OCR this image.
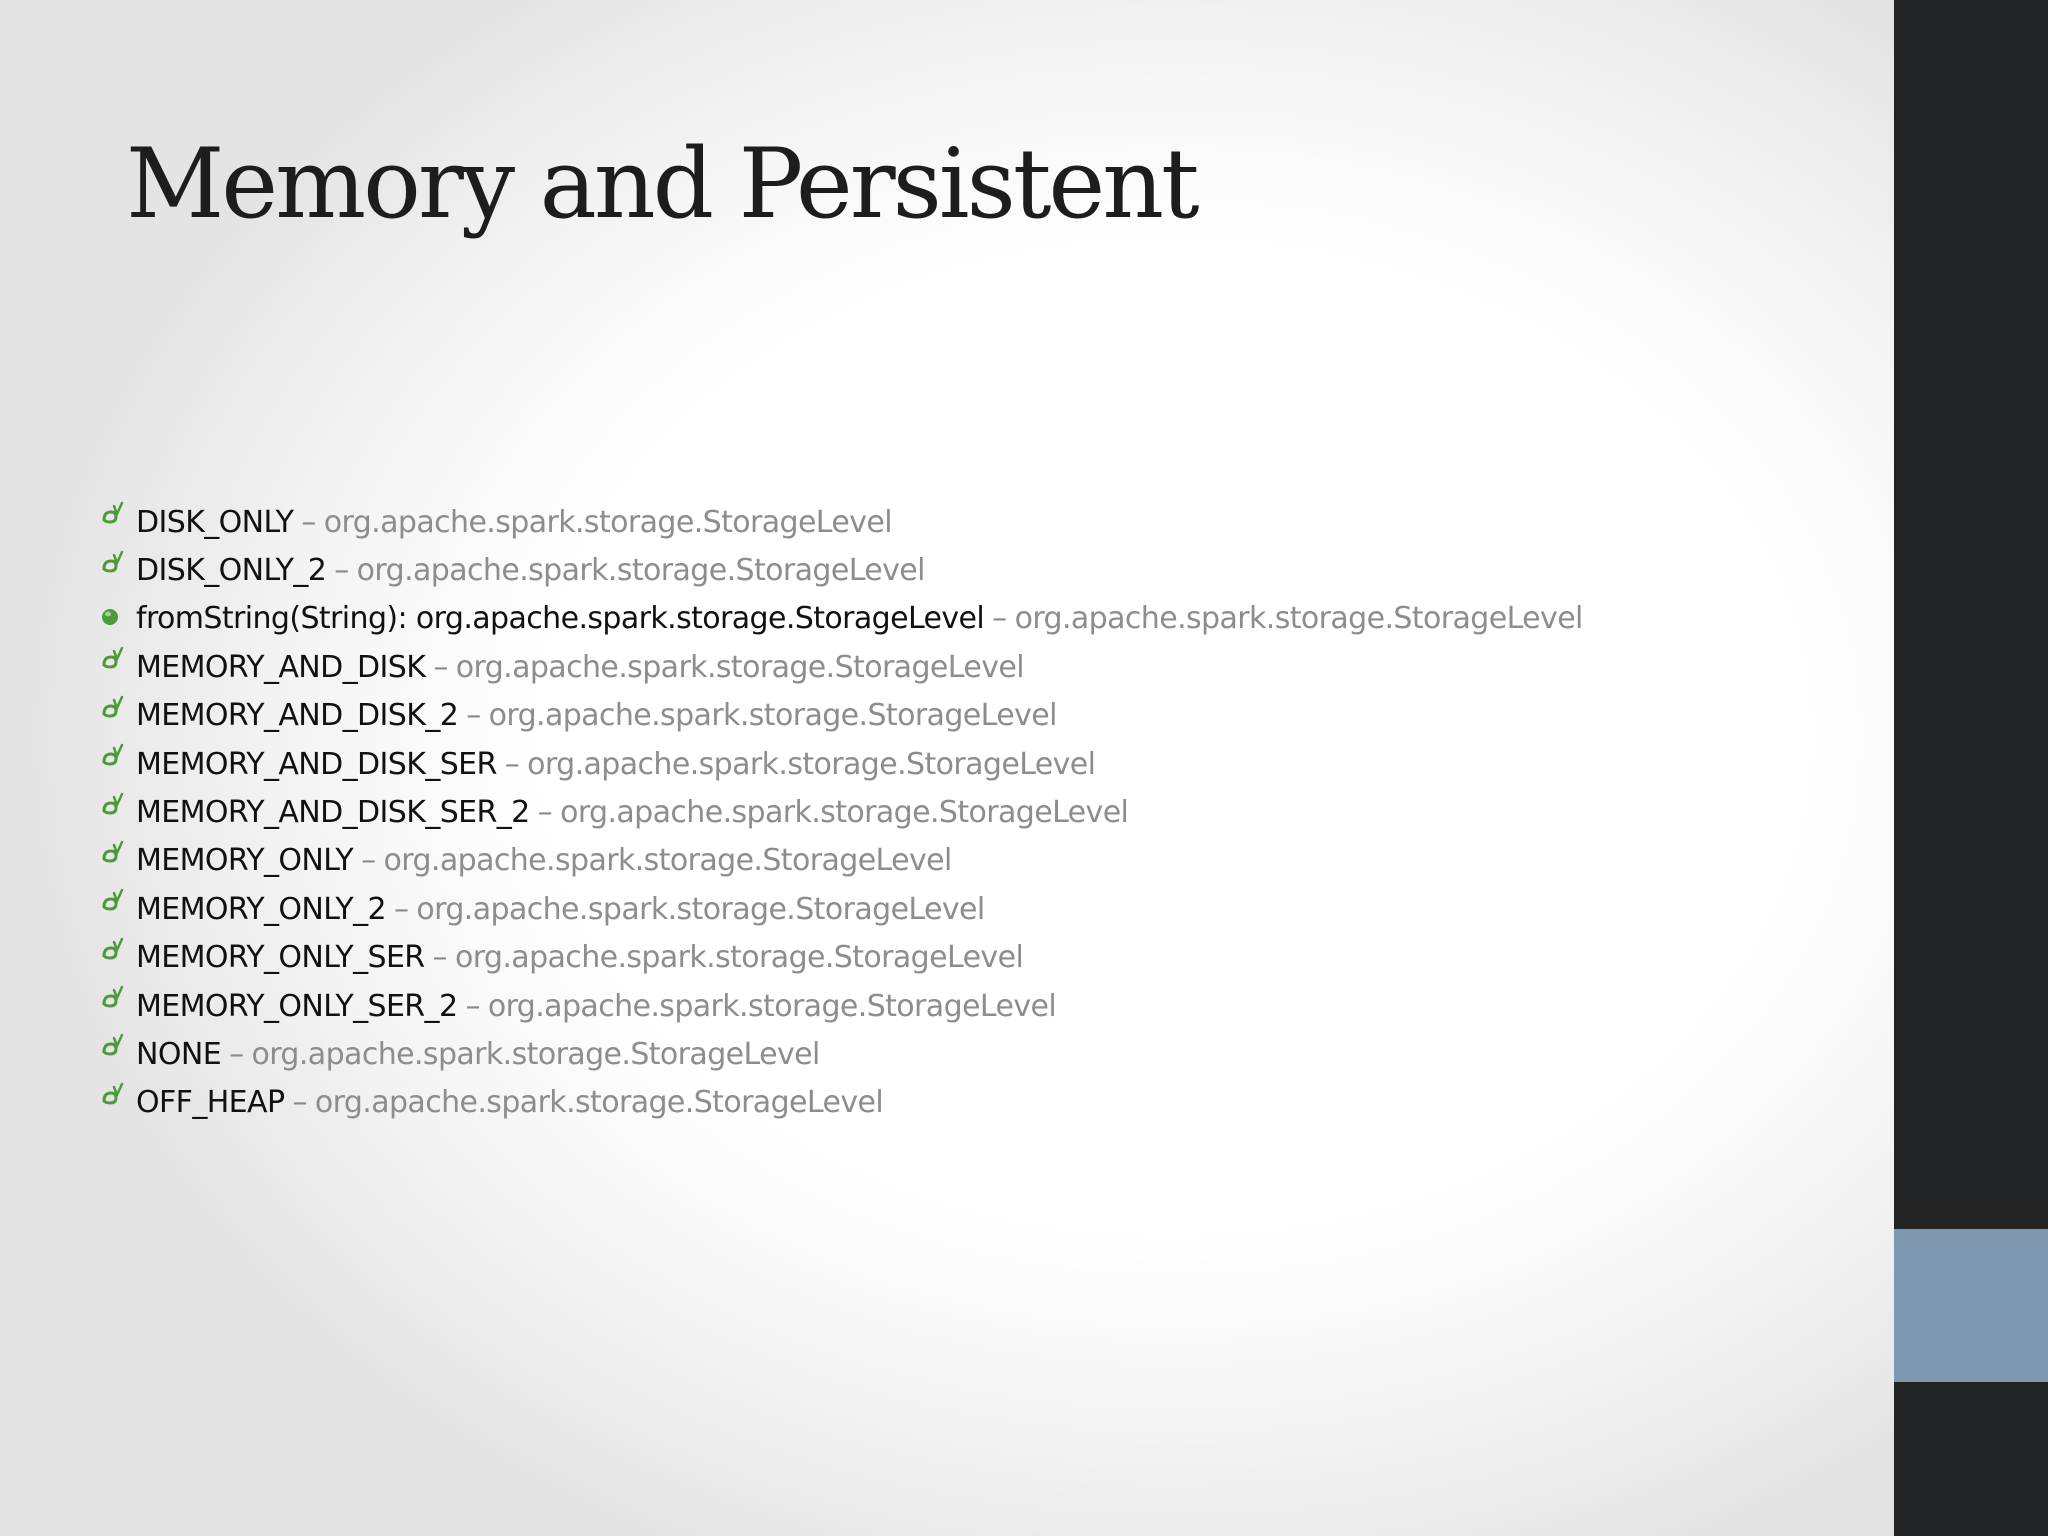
Memory and Persistent
DISK_ONLY – org.apache.spark.storage.StorageLevel
DISK_ONLY_2 – org.apache.spark.storage.StorageLevel
fromString(String): org.apache.spark.storage.StorageLevel – org.apache.spark.storage.StorageLevel
MEMORY_AND_DISK – org.apache.spark.storage.StorageLevel
MEMORY_AND_DISK_2 – org.apache.spark.storage.StorageLevel
MEMORY_AND_DISK_SER – org.apache.spark.storage.StorageLevel
MEMORY_AND_DISK_SER_2 – org.apache.spark.storage.StorageLevel
MEMORY_ONLY – org.apache.spark.storage.StorageLevel
MEMORY_ONLY_2 – org.apache.spark.storage.StorageLevel
MEMORY_ONLY_SER – org.apache.spark.storage.StorageLevel
MEMORY_ONLY_SER_2 – org.apache.spark.storage.StorageLevel
NONE – org.apache.spark.storage.StorageLevel
OFF_HEAP – org.apache.spark.storage.StorageLevel
